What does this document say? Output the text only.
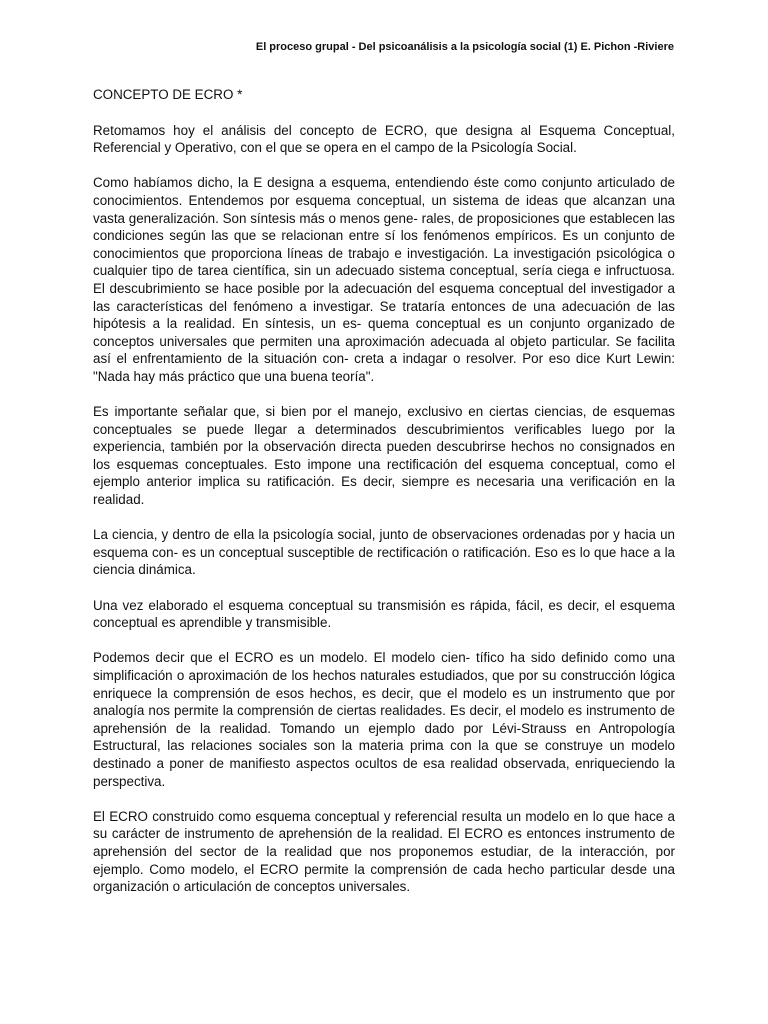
El proceso grupal - Del psicoanálisis a la psicología social (1) E. Pichon -Riviere
CONCEPTO DE ECRO *

Retomamos hoy el análisis del concepto de ECRO, que designa al Esquema Conceptual, Referencial y Operativo, con el que se opera en el campo de la Psicología Social.

Como habíamos dicho, la E designa a esquema, entendiendo éste como conjunto articulado de conocimientos. Entendemos por esquema conceptual, un sistema de ideas que alcanzan una vasta generalización. Son síntesis más o menos gene- rales, de proposiciones que establecen las condiciones según las que se relacionan entre sí los fenómenos empíricos. Es un conjunto de conocimientos que proporciona líneas de trabajo e investigación. La investigación psicológica o cualquier tipo de tarea científica, sin un adecuado sistema conceptual, sería ciega e infructuosa. El descubrimiento se hace posible por la adecuación del esquema conceptual del investigador a las características del fenómeno a investigar. Se trataría entonces de una adecuación de las hipótesis a la realidad. En síntesis, un es- quema conceptual es un conjunto organizado de conceptos universales que permiten una aproximación adecuada al objeto particular. Se facilita así el enfrentamiento de la situación con- creta a indagar o resolver. Por eso dice Kurt Lewin: "Nada hay más práctico que una buena teoría".

Es importante señalar que, si bien por el manejo, exclusivo en ciertas ciencias, de esquemas conceptuales se puede llegar a determinados descubrimientos verificables luego por la experiencia, también por la observación directa pueden descubrirse hechos no consignados en los esquemas conceptuales. Esto impone una rectificación del esquema conceptual, como el ejemplo anterior implica su ratificación. Es decir, siempre es necesaria una verificación en la realidad.

La ciencia, y dentro de ella la psicología social, junto de observaciones ordenadas por y hacia un esquema con- es un conceptual susceptible de rectificación o ratificación. Eso es lo que hace a la ciencia dinámica.

Una vez elaborado el esquema conceptual su transmisión es rápida, fácil, es decir, el esquema conceptual es aprendible y transmisible.

Podemos decir que el ECRO es un modelo. El modelo cien- tífico ha sido definido como una simplificación o aproximación de los hechos naturales estudiados, que por su construcción lógica enriquece la comprensión de esos hechos, es decir, que el modelo es un instrumento que por analogía nos permite la comprensión de ciertas realidades. Es decir, el modelo es instrumento de aprehensión de la realidad. Tomando un ejemplo dado por Lévi-Strauss en Antropología Estructural, las relaciones sociales son la materia prima con la que se construye un modelo destinado a poner de manifiesto aspectos ocultos de esa realidad observada, enriqueciendo la perspectiva.

El ECRO construido como esquema conceptual y referencial resulta un modelo en lo que hace a su carácter de instrumento de aprehensión de la realidad. El ECRO es entonces instrumento de aprehensión del sector de la realidad que nos proponemos estudiar, de la interacción, por ejemplo. Como modelo, el ECRO permite la comprensión de cada hecho particular desde una organización o articulación de conceptos universales.
